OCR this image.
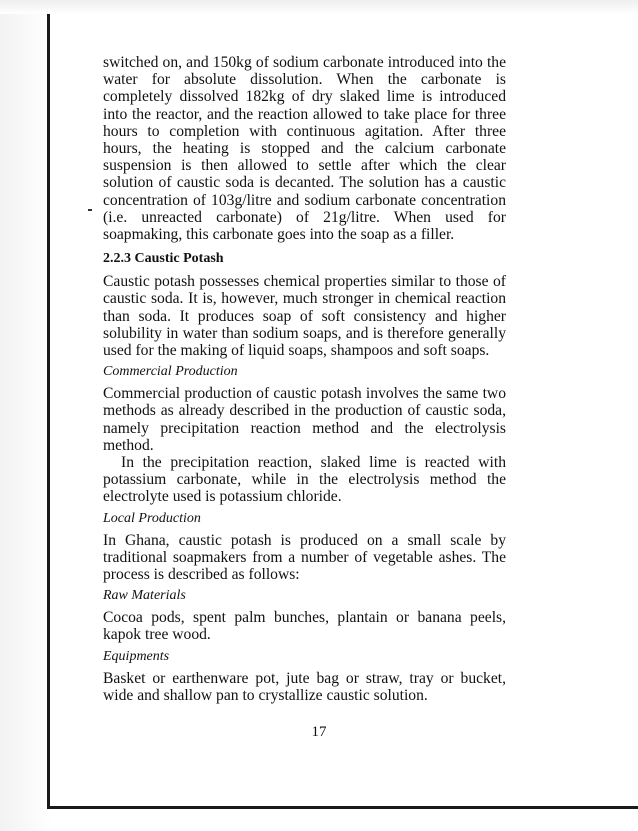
switched on, and 150kg of sodium carbonate introduced into the water for absolute dissolution. When the carbonate is completely dissolved 182kg of dry slaked lime is introduced into the reactor, and the reaction allowed to take place for three hours to completion with continuous agitation. After three hours, the heating is stopped and the calcium carbonate suspension is then allowed to settle after which the clear solution of caustic soda is decanted. The solution has a caustic concentration of 103g/litre and sodium carbonate concentration (i.e. unreacted carbonate) of 21g/litre. When used for soapmaking, this carbonate goes into the soap as a filler.

2.2.3 Caustic Potash

Caustic potash possesses chemical properties similar to those of caustic soda. It is, however, much stronger in chemical reaction than soda. It produces soap of soft consistency and higher solubility in water than sodium soaps, and is therefore generally used for the making of liquid soaps, shampoos and soft soaps.

Commercial Production

Commercial production of caustic potash involves the same two methods as already described in the production of caustic soda, namely precipitation reaction method and the electrolysis method.

In the precipitation reaction, slaked lime is reacted with potassium carbonate, while in the electrolysis method the electrolyte used is potassium chloride.

Local Production

In Ghana, caustic potash is produced on a small scale by traditional soapmakers from a number of vegetable ashes. The process is described as follows:

Raw Materials

Cocoa pods, spent palm bunches, plantain or banana peels, kapok tree wood.

Equipments

Basket or earthenware pot, jute bag or straw, tray or bucket, wide and shallow pan to crystallize caustic solution.

17
